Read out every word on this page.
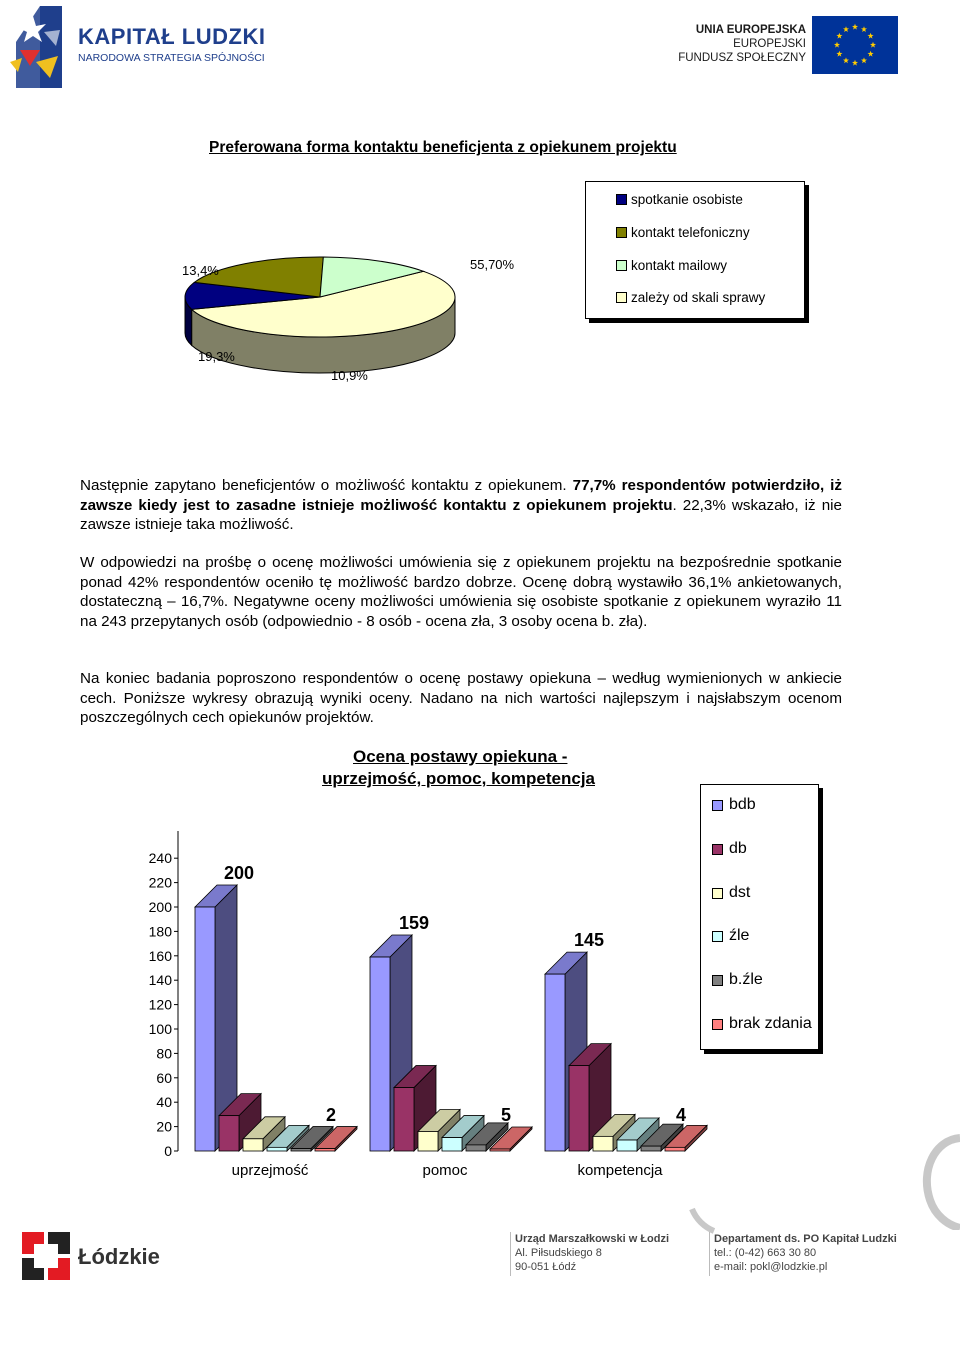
KAPITAŁ LUDZKI
NARODOWA STRATEGIA SPÓJNOŚCI
UNIA EUROPEJSKA
EUROPEJSKI
FUNDUSZ SPOŁECZNY
Preferowana forma kontaktu beneficjenta z opiekunem projektu
55,70%
13,4%
19,3%
10,9%
spotkanie osobiste
kontakt telefoniczny
kontakt mailowy
zależy od skali sprawy
Następnie zapytano beneficjentów o możliwość kontaktu z opiekunem. 77,7% respondentów potwierdziło, iż zawsze kiedy jest to zasadne istnieje możliwość kontaktu z opiekunem projektu. 22,3% wskazało, iż nie zawsze istnieje taka możliwość.
W odpowiedzi na prośbę o ocenę możliwości umówienia się z opiekunem projektu na bezpośrednie spotkanie ponad 42% respondentów oceniło tę możliwość bardzo dobrze. Ocenę dobrą wystawiło 36,1% ankietowanych, dostateczną – 16,7%. Negatywne oceny możliwości umówienia się osobiste spotkanie z opiekunem wyraziło 11 na 243 przepytanych osób (odpowiednio - 8 osób - ocena zła, 3 osoby ocena b. zła).
Na koniec badania poproszono respondentów o ocenę postawy opiekuna – według wymienionych w ankiecie cech. Poniższe wykresy obrazują wyniki oceny. Nadano na nich wartości najlepszym i najsłabszym ocenom poszczególnych cech opiekunów projektów.
Ocena postawy opiekuna -
uprzejmość, pomoc, kompetencja
0
20
40
60
80
100
120
140
160
180
200
220
240
uprzejmość	pomoc	kompetencja
200
159
145
2	5	4
bdb
db
dst
źle
b.źle
brak zdania
Łódzkie
Urząd Marszałkowski w Łodzi
Al. Piłsudskiego 8
90-051 Łódź
Departament ds. PO Kapitał Ludzki
tel.: (0-42) 663 30 80
e-mail: pokl@lodzkie.pl
